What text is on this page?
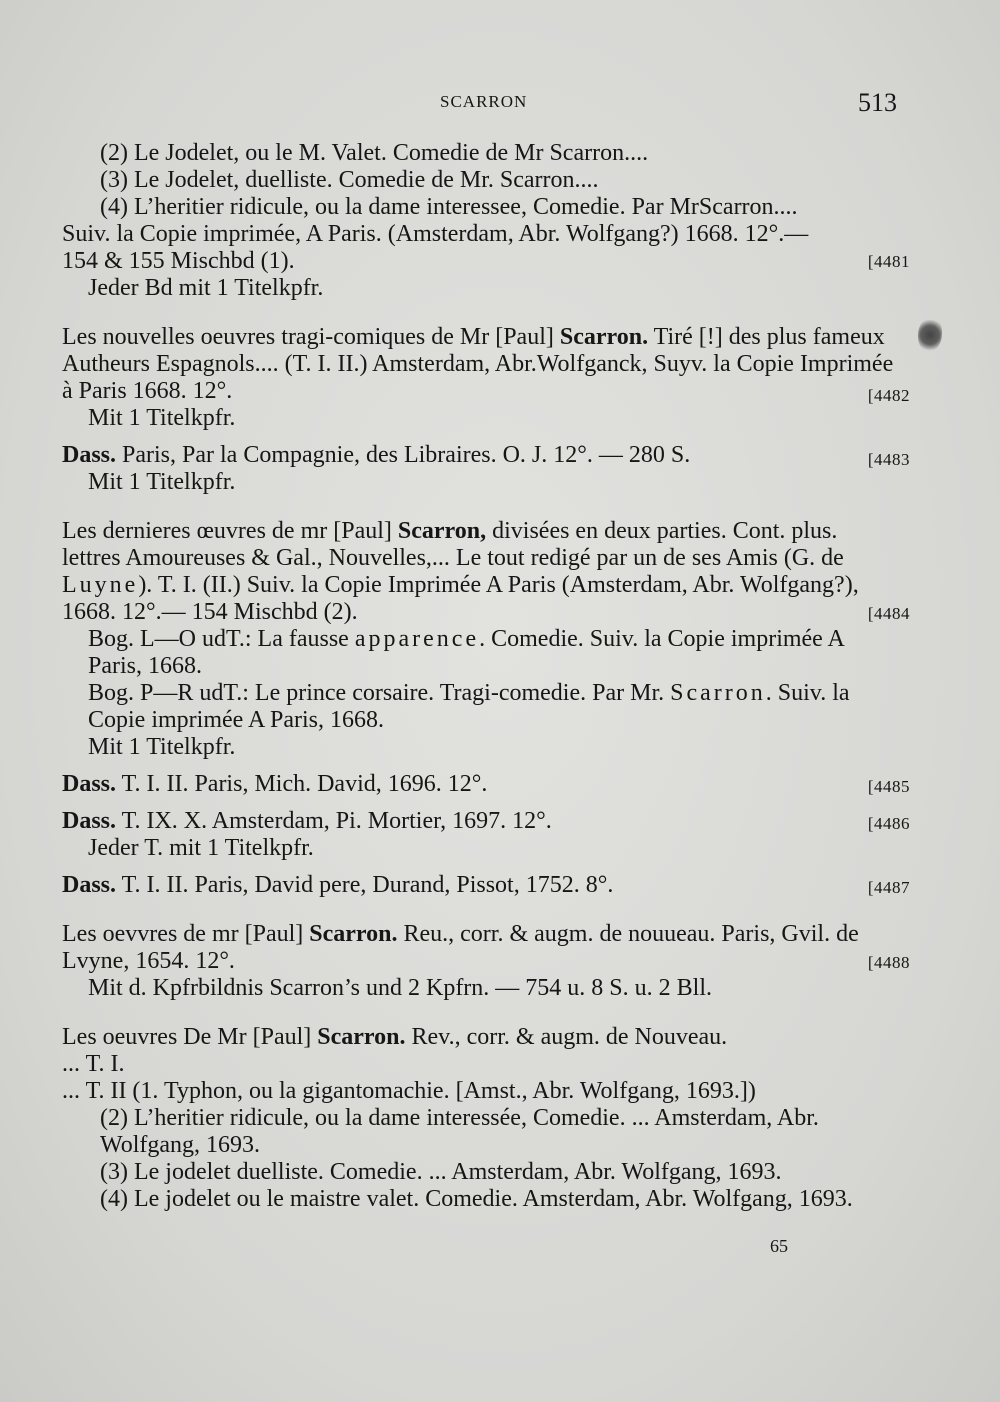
SCARRON	513

(2) Le Jodelet, ou le M. Valet. Comedie de Mr Scarron....

(3) Le Jodelet, duelliste. Comedie de Mr. Scarron....

(4) L’heritier ridicule, ou la dame interessee, Comedie. Par MrScarron....

Suiv. la Copie imprimée, A Paris. (Amsterdam, Abr. Wolfgang?) 1668. 12°.—

154 & 155 Mischbd (1).	[4481

Jeder Bd mit 1 Titelkpfr.

Les nouvelles oeuvres tragi-comiques de Mr [Paul] Scarron. Tiré [!] des plus fameux Autheurs Espagnols.... (T. I. II.) Amsterdam, Abr.Wolfganck, Suyv. la Copie Imprimée à Paris 1668. 12°.	[4482

Mit 1 Titelkpfr.

Dass. Paris, Par la Compagnie, des Libraires. O. J. 12°. — 280 S.	[4483

Mit 1 Titelkpfr.

Les dernieres œuvres de mr [Paul] Scarron, divisées en deux parties. Cont. plus. lettres Amoureuses & Gal., Nouvelles,... Le tout redigé par un de ses Amis (G. de Luyne). T. I. (II.) Suiv. la Copie Imprimée A Paris (Amsterdam, Abr. Wolfgang?), 1668. 12°.— 154 Mischbd (2).	[4484

Bog. L—O udT.: La fausse apparence. Comedie. Suiv. la Copie imprimée A Paris, 1668.

Bog. P—R udT.: Le prince corsaire. Tragi-comedie. Par Mr. Scarron. Suiv. la Copie imprimée A Paris, 1668.

Mit 1 Titelkpfr.

Dass. T. I. II. Paris, Mich. David, 1696. 12°.	[4485

Dass. T. IX. X. Amsterdam, Pi. Mortier, 1697. 12°.	[4486

Jeder T. mit 1 Titelkpfr.

Dass. T. I. II. Paris, David pere, Durand, Pissot, 1752. 8°.	[4487

Les oevvres de mr [Paul] Scarron. Reu., corr. & augm. de nouueau. Paris, Gvil. de Lvyne, 1654. 12°.	[4488

Mit d. Kpfrbildnis Scarron’s und 2 Kpfrn. — 754 u. 8 S. u. 2 Bll.

Les oeuvres De Mr [Paul] Scarron. Rev., corr. & augm. de Nouveau.

... T. I.

... T. II (1. Typhon, ou la gigantomachie. [Amst., Abr. Wolfgang, 1693.])

(2) L’heritier ridicule, ou la dame interessée, Comedie. ... Amsterdam, Abr. Wolfgang, 1693.

(3) Le jodelet duelliste. Comedie. ... Amsterdam, Abr. Wolfgang, 1693.

(4) Le jodelet ou le maistre valet. Comedie. Amsterdam, Abr. Wolfgang, 1693.

65
